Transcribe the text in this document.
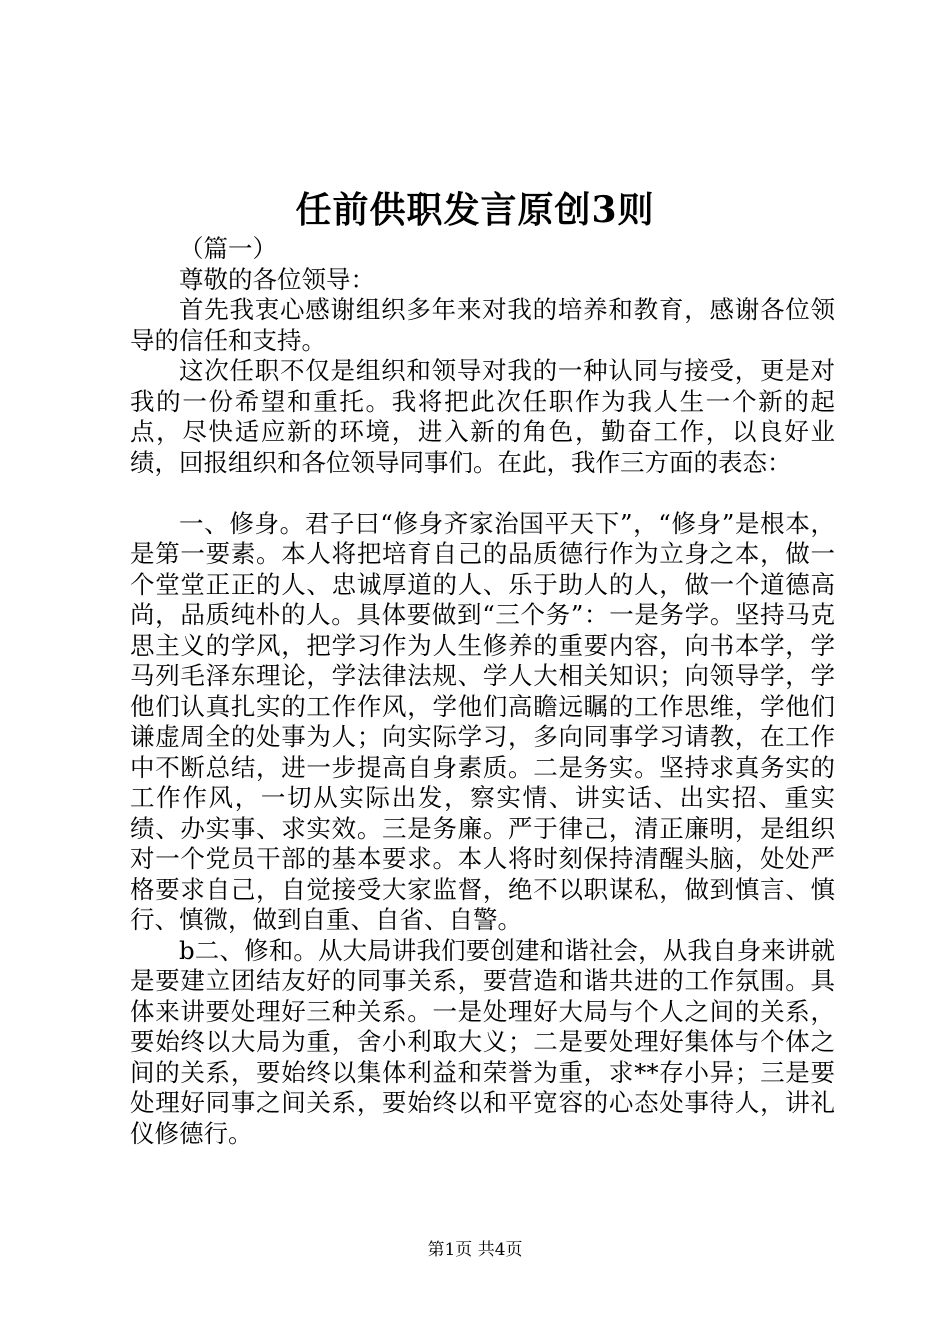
任前供职发言原创3则

（篇一）

尊敬的各位领导：

首先我衷心感谢组织多年来对我的培养和教育，感谢各位领导的信任和支持。

这次任职不仅是组织和领导对我的一种认同与接受，更是对我的一份希望和重托。我将把此次任职作为我人生一个新的起点，尽快适应新的环境，进入新的角色，勤奋工作，以良好业绩，回报组织和各位领导同事们。在此，我作三方面的表态：

一、修身。君子曰“修身齐家治国平天下”，“修身”是根本，是第一要素。本人将把培育自己的品质德行作为立身之本，做一个堂堂正正的人、忠诚厚道的人、乐于助人的人，做一个道德高尚，品质纯朴的人。具体要做到“三个务”：一是务学。坚持马克思主义的学风，把学习作为人生修养的重要内容，向书本学，学马列毛泽东理论，学法律法规、学人大相关知识；向领导学，学他们认真扎实的工作作风，学他们高瞻远瞩的工作思维，学他们谦虚周全的处事为人；向实际学习，多向同事学习请教，在工作中不断总结，进一步提高自身素质。二是务实。坚持求真务实的工作作风，一切从实际出发，察实情、讲实话、出实招、重实绩、办实事、求实效。三是务廉。严于律己，清正廉明，是组织对一个党员干部的基本要求。本人将时刻保持清醒头脑，处处严格要求自己，自觉接受大家监督，绝不以职谋私，做到慎言、慎行、慎微，做到自重、自省、自警。

b二、修和。从大局讲我们要创建和谐社会，从我自身来讲就是要建立团结友好的同事关系，要营造和谐共进的工作氛围。具体来讲要处理好三种关系。一是处理好大局与个人之间的关系，要始终以大局为重，舍小利取大义；二是要处理好集体与个体之间的关系，要始终以集体利益和荣誉为重，求**存小异；三是要处理好同事之间关系，要始终以和平宽容的心态处事待人，讲礼仪修德行。

第1页 共4页
